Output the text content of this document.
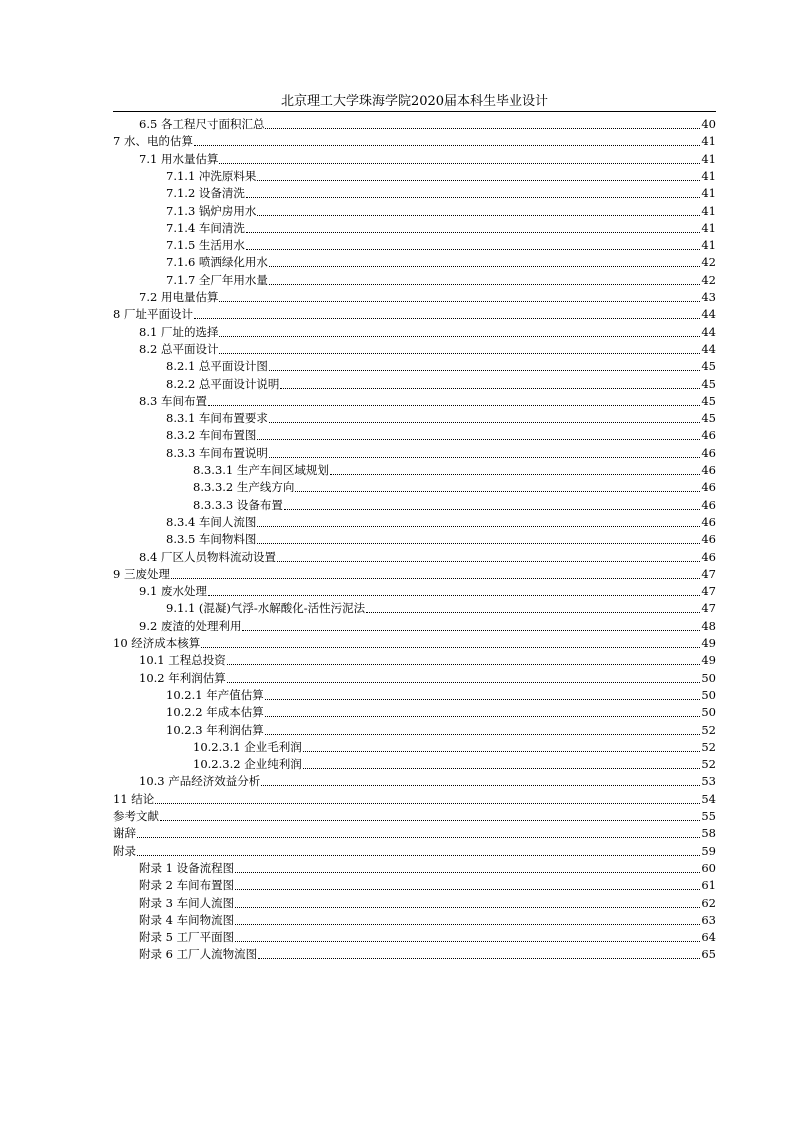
北京理工大学珠海学院2020届本科生毕业设计
6.5 各工程尺寸面积汇总	40
7 水、电的估算	41
7.1 用水量估算	41
7.1.1 冲洗原料果	41
7.1.2 设备清洗	41
7.1.3 锅炉房用水	41
7.1.4 车间清洗	41
7.1.5 生活用水	41
7.1.6 喷洒绿化用水	42
7.1.7 全厂年用水量	42
7.2 用电量估算	43
8 厂址平面设计	44
8.1 厂址的选择	44
8.2 总平面设计	44
8.2.1 总平面设计图	45
8.2.2 总平面设计说明	45
8.3 车间布置	45
8.3.1 车间布置要求	45
8.3.2 车间布置图	46
8.3.3 车间布置说明	46
8.3.3.1 生产车间区域规划	46
8.3.3.2 生产线方向	46
8.3.3.3 设备布置	46
8.3.4 车间人流图	46
8.3.5 车间物料图	46
8.4 厂区人员物料流动设置	46
9 三废处理	47
9.1 废水处理	47
9.1.1 (混凝)气浮-水解酸化-活性污泥法	47
9.2 废渣的处理利用	48
10 经济成本核算	49
10.1 工程总投资	49
10.2 年利润估算	50
10.2.1 年产值估算	50
10.2.2 年成本估算	50
10.2.3 年利润估算	52
10.2.3.1 企业毛利润	52
10.2.3.2 企业纯利润	52
10.3 产品经济效益分析	53
11 结论	54
参考文献	55
谢辞	58
附录	59
附录 1 设备流程图	60
附录 2 车间布置图	61
附录 3 车间人流图	62
附录 4 车间物流图	63
附录 5 工厂平面图	64
附录 6 工厂人流物流图	65
